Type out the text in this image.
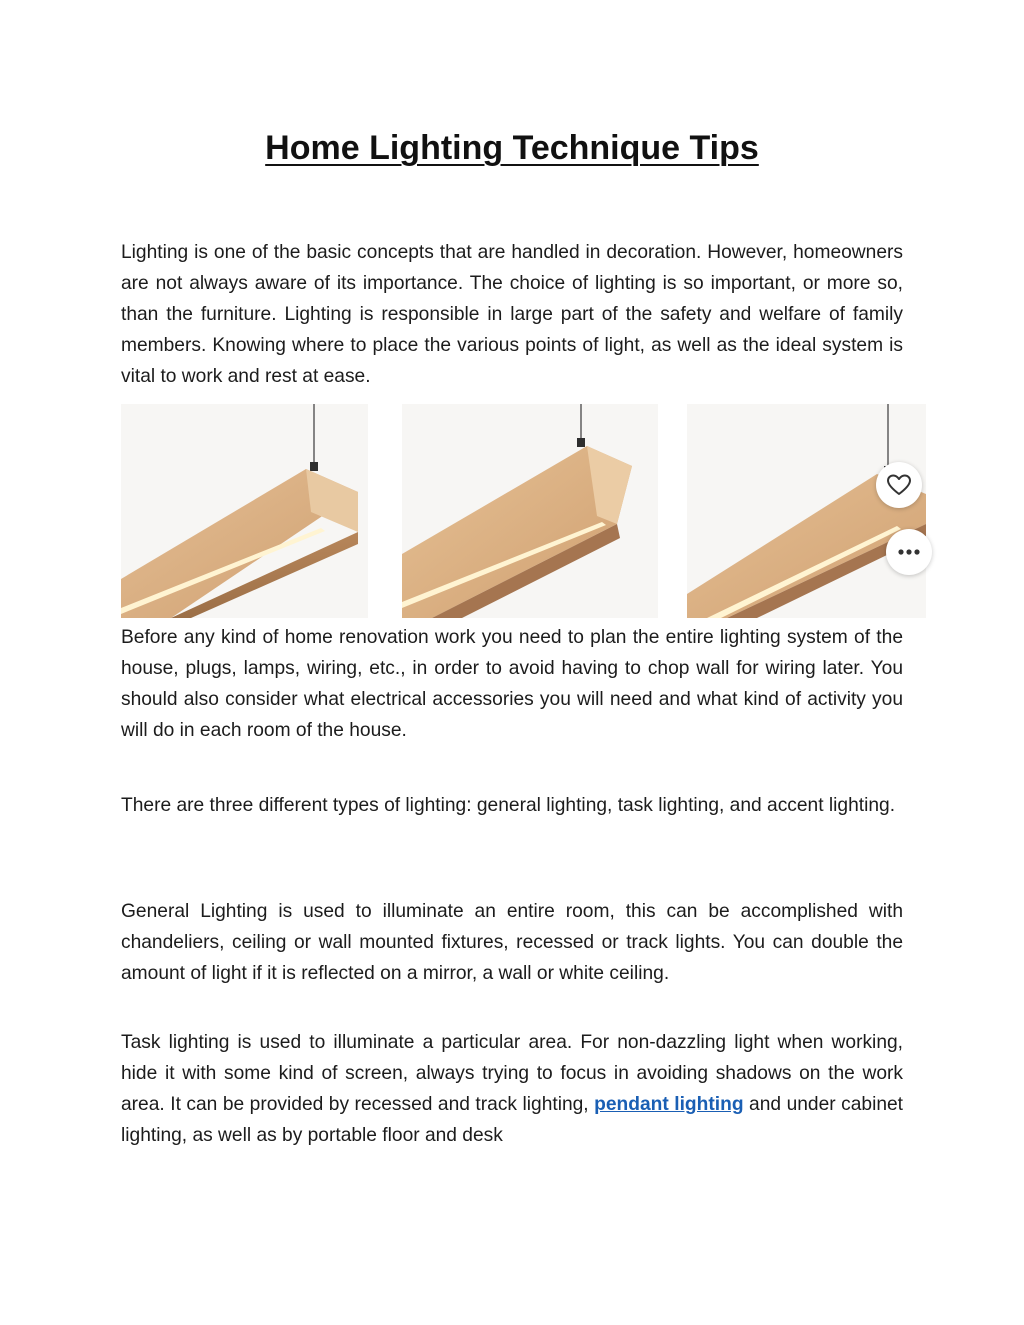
Home Lighting Technique Tips

Lighting is one of the basic concepts that are handled in decoration. However, homeowners are not always aware of its importance. The choice of lighting is so important, or more so, than the furniture. Lighting is responsible in large part of the safety and welfare of family members. Knowing where to place the various points of light, as well as the ideal system is vital to work and rest at ease.

Before any kind of home renovation work you need to plan the entire lighting system of the house, plugs, lamps, wiring, etc., in order to avoid having to chop wall for wiring later. You should also consider what electrical accessories you will need and what kind of activity you will do in each room of the house.

There are three different types of lighting: general lighting, task lighting, and accent lighting.

General Lighting is used to illuminate an entire room, this can be accomplished with chandeliers, ceiling or wall mounted fixtures, recessed or track lights. You can double the amount of light if it is reflected on a mirror, a wall or white ceiling.

Task lighting is used to illuminate a particular area. For non-dazzling light when working, hide it with some kind of screen, always trying to focus in avoiding shadows on the work area. It can be provided by recessed and track lighting, pendant lighting and under cabinet lighting, as well as by portable floor and desk
